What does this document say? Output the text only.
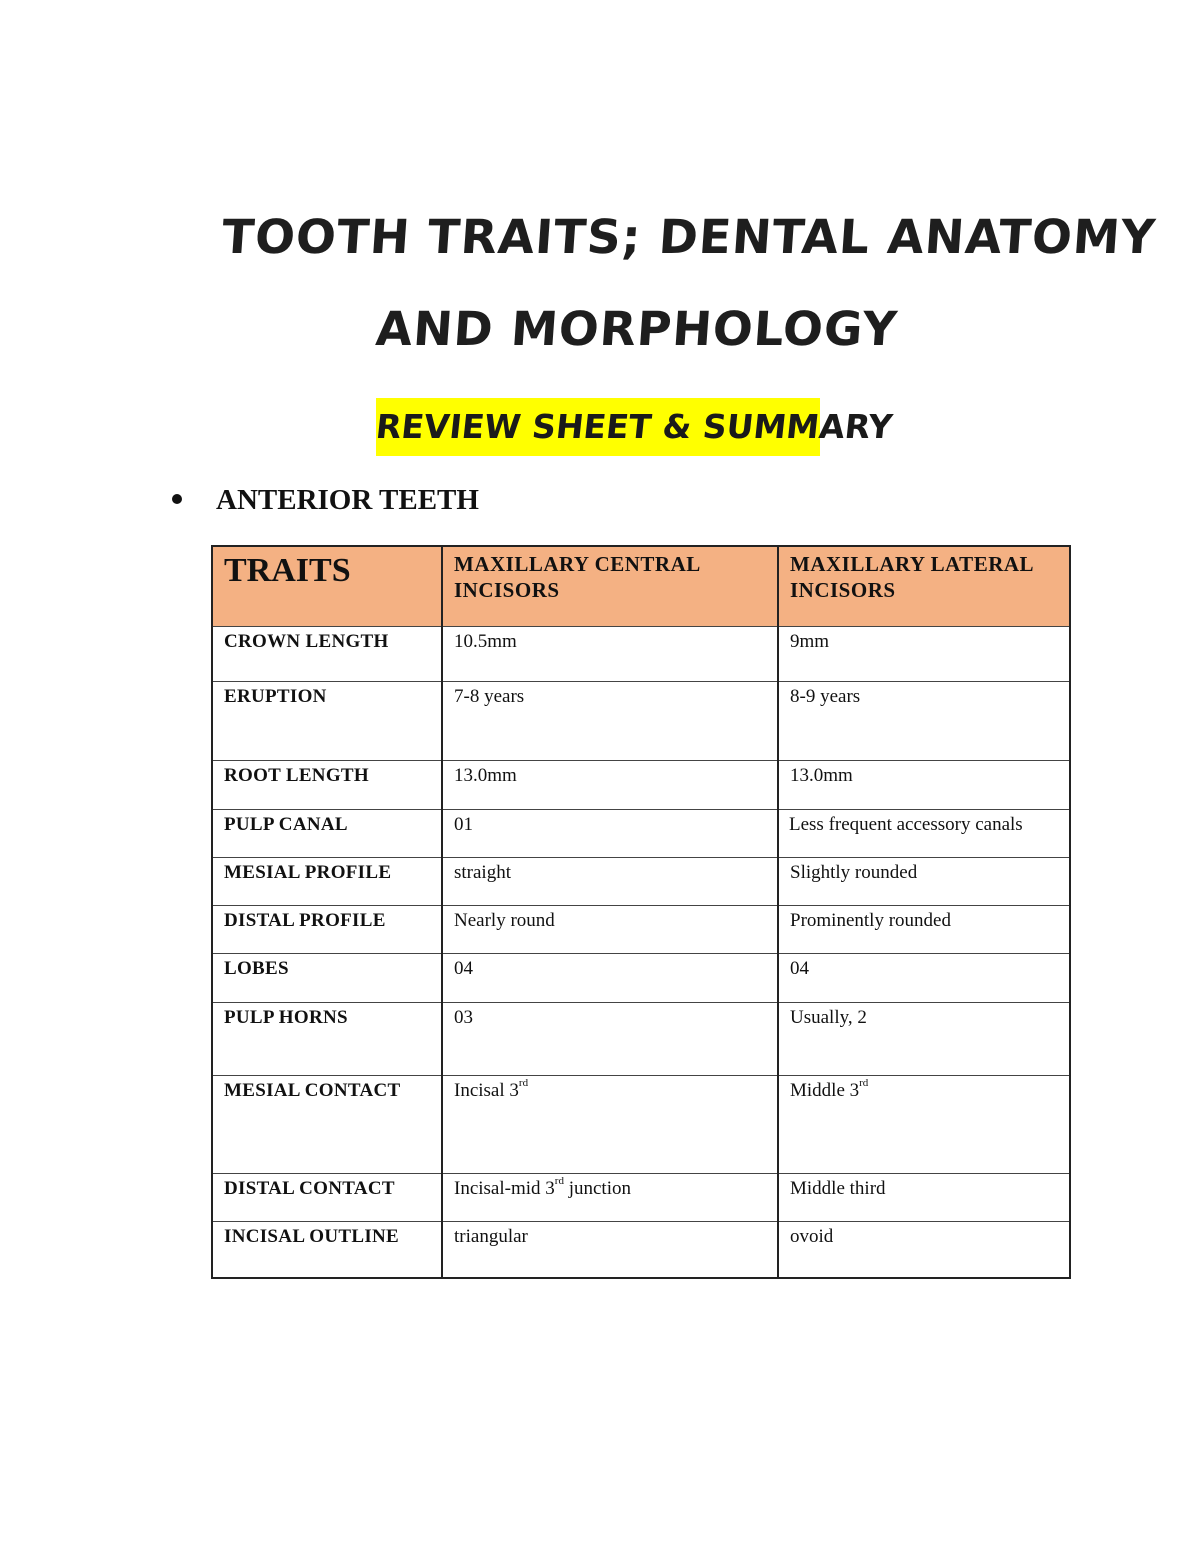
TOOTH TRAITS; DENTAL ANATOMY
AND MORPHOLOGY
REVIEW SHEET & SUMMARY
ANTERIOR TEETH
TRAITS	MAXILLARY CENTRAL INCISORS	MAXILLARY LATERAL INCISORS
CROWN LENGTH	10.5mm	9mm
ERUPTION	7-8 years	8-9 years
ROOT LENGTH	13.0mm	13.0mm
PULP CANAL	01	Less frequent accessory canals
MESIAL PROFILE	straight	Slightly rounded
DISTAL PROFILE	Nearly round	Prominently rounded
LOBES	04	04
PULP HORNS	03	Usually, 2
MESIAL CONTACT	Incisal 3rd	Middle 3rd
DISTAL CONTACT	Incisal-mid 3rd junction	Middle third
INCISAL OUTLINE	triangular	ovoid
